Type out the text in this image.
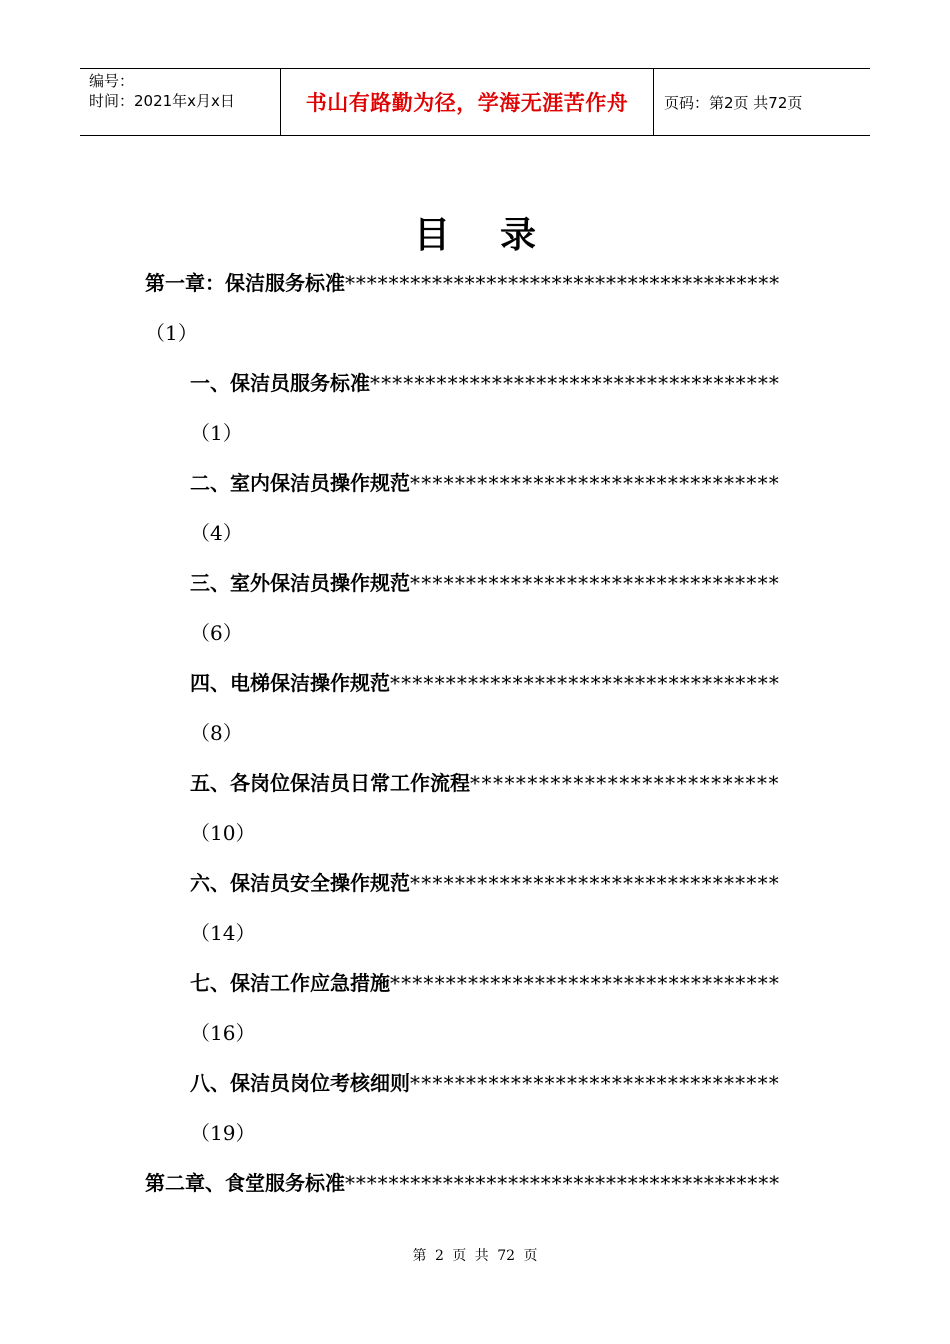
编号：
时间：2021年x月x日	书山有路勤为径，学海无涯苦作舟	页码：第2页 共72页
目录
第一章：保洁服务标准****************************************
（1）
一、保洁员服务标准*************************************
（1）
二、室内保洁员操作规范*********************************
（4）
三、室外保洁员操作规范*********************************
（6）
四、电梯保洁操作规范***********************************
（8）
五、各岗位保洁员日常工作流程***************************
（10）
六、保洁员安全操作规范*********************************
（14）
七、保洁工作应急措施***********************************
（16）
八、保洁员岗位考核细则*********************************
（19）
第二章、食堂服务标准****************************************
第 2 页 共 72 页
